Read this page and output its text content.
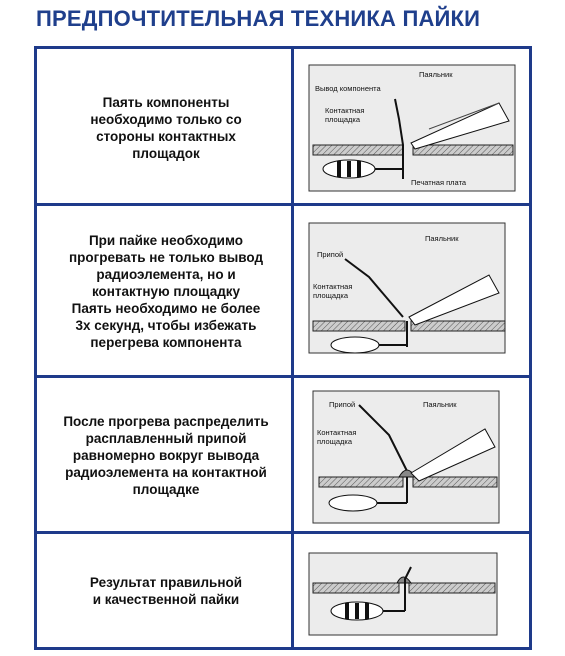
ПРЕДПОЧТИТЕЛЬНАЯ ТЕХНИКА ПАЙКИ
Паять компоненты
необходимо только со
стороны контактных
площадок
Паяльник
Вывод компонента
Контактная площадка
Печатная плата
При пайке необходимо
прогревать не только вывод
радиоэлемента, но и
контактную площадку
Паять необходимо не более
3х секунд, чтобы избежать
перегрева компонента
Припой
Паяльник
Контактная площадка
После прогрева распределить
расплавленный припой
равномерно вокруг вывода
радиоэлемента на контактной
площадке
Припой	Паяльник
Контактная площадка
Результат правильной
и качественной пайки
